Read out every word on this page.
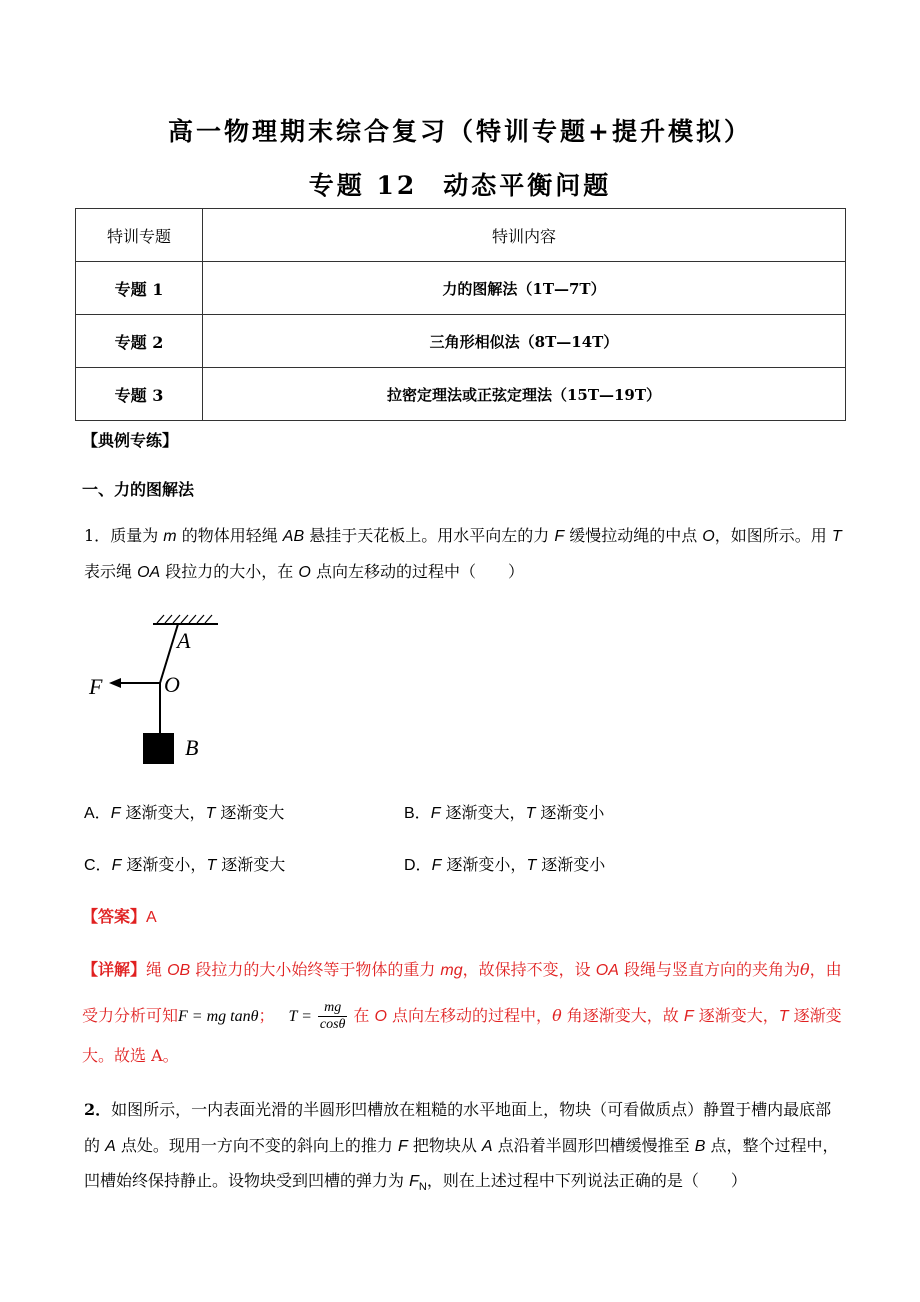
高一物理期末综合复习（特训专题+提升模拟）
专题 12 动态平衡问题
特训专题	特训内容
专题 1	力的图解法（1T—7T）
专题 2	三角形相似法（8T—14T）
专题 3	拉密定理法或正弦定理法（15T—19T）
【典例专练】
一、力的图解法
1．质量为 m 的物体用轻绳 AB 悬挂于天花板上。用水平向左的力 F 缓慢拉动绳的中点 O，如图所示。用 T
表示绳 OA 段拉力的大小，在 O 点向左移动的过程中（　　）
A
O
F
B
A．F 逐渐变大，T 逐渐变大	B．F 逐渐变大，T 逐渐变小
C．F 逐渐变小，T 逐渐变大	D．F 逐渐变小，T 逐渐变小
【答案】A
【详解】绳 OB 段拉力的大小始终等于物体的重力 mg，故保持不变，设 OA 段绳与竖直方向的夹角为θ，由
受力分析可知F = mg tanθ； $T = \frac{mg}{\cos\theta}$ 在 O 点向左移动的过程中，θ 角逐渐变大，故 F 逐渐变大，T 逐渐变
大。故选 A。
2．如图所示，一内表面光滑的半圆形凹槽放在粗糙的水平地面上，物块（可看做质点）静置于槽内最底部
的 A 点处。现用一方向不变的斜向上的推力 F 把物块从 A 点沿着半圆形凹槽缓慢推至 B 点，整个过程中，
凹槽始终保持静止。设物块受到凹槽的弹力为 $F_N$，则在上述过程中下列说法正确的是（　　）
